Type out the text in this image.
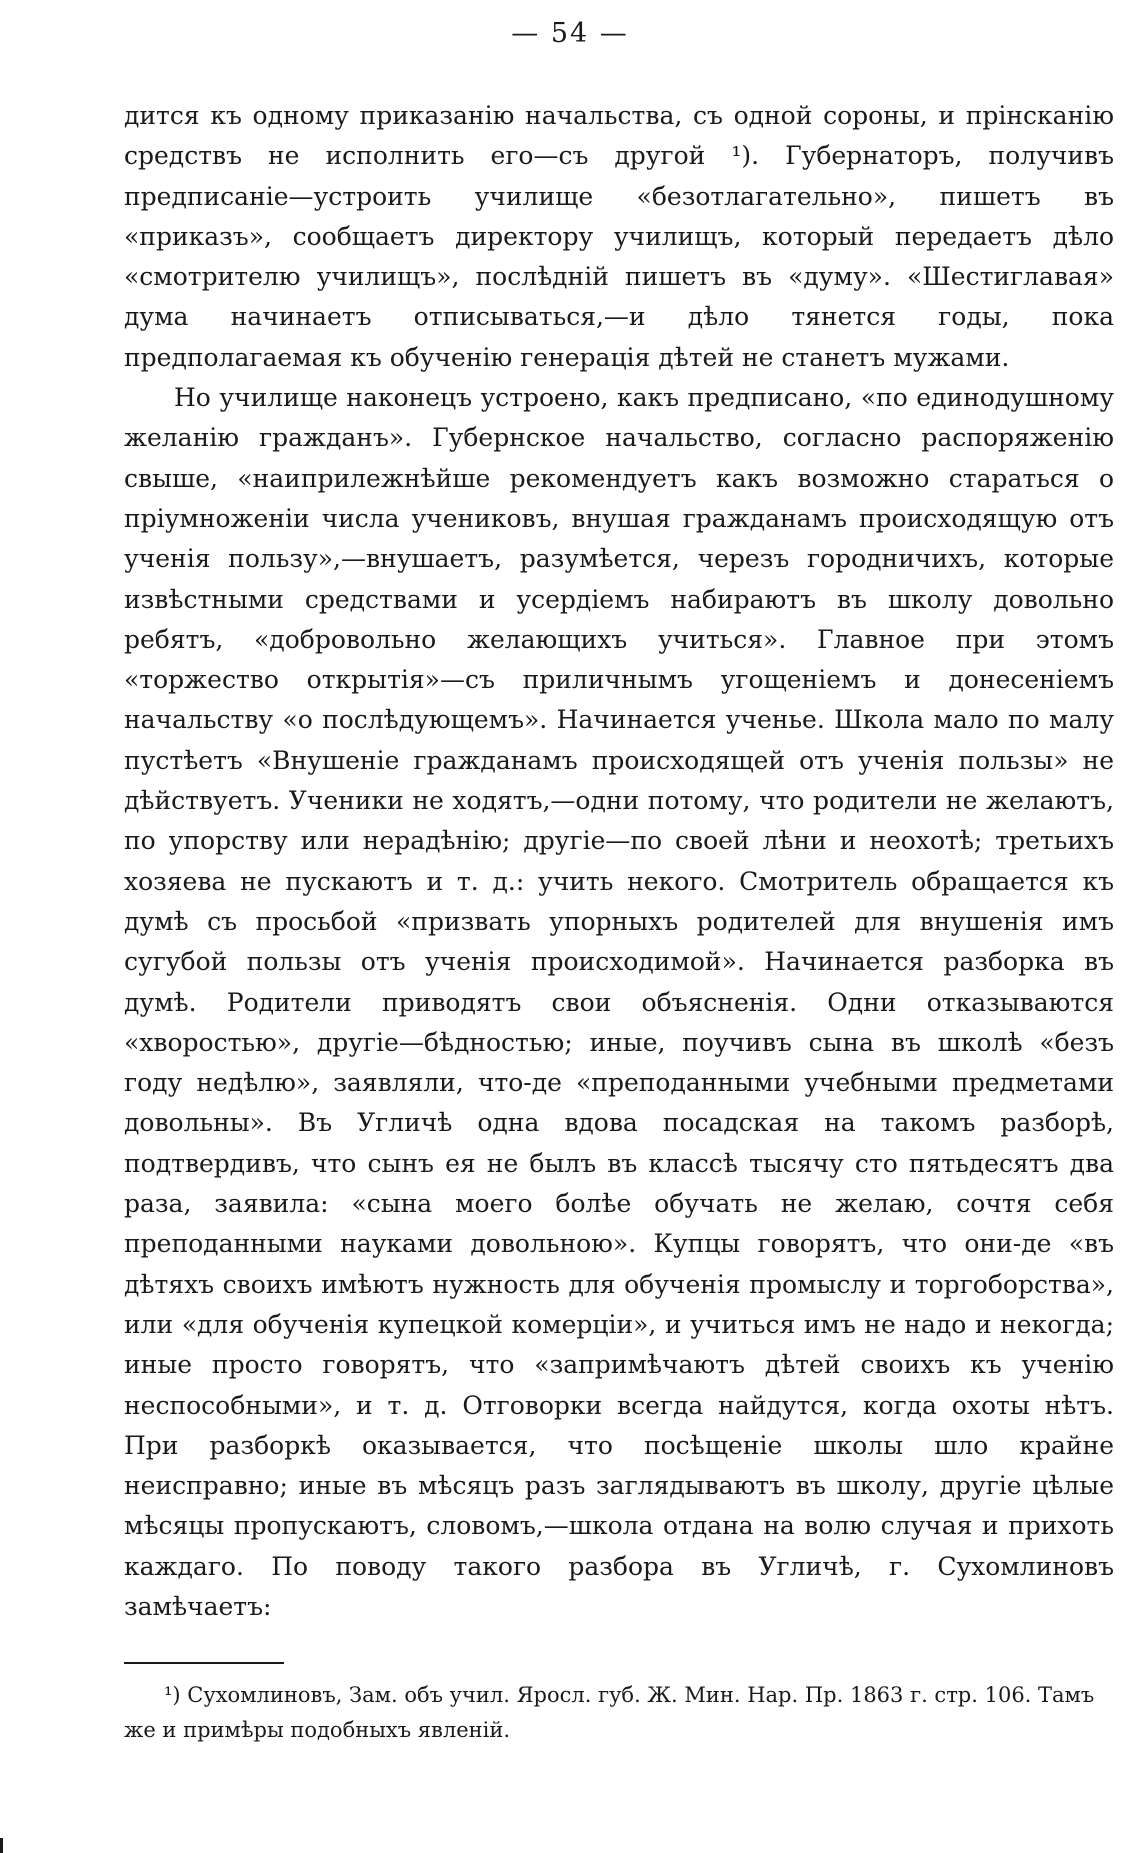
— 54 —

дится къ одному приказанію начальства, съ одной сороны, и прінсканію средствъ не исполнить его—съ другой ¹). Губернаторъ, получивъ предписаніе—устроить училище «безотлагательно», пишетъ въ «приказъ», сообщаетъ директору училищъ, который передаетъ дѣло «смотрителю училищъ», послѣдній пишетъ въ «думу». «Шестиглавая» дума начинаетъ отписываться,—и дѣло тянется годы, пока предполагаемая къ обученію генерація дѣтей не станетъ мужами.

Но училище наконецъ устроено, какъ предписано, «по единодушному желанію гражданъ». Губернское начальство, согласно распоряженію свыше, «наиприлежнѣйше рекомендуетъ какъ возможно стараться о пріумноженіи числа учениковъ, внушая гражданамъ происходящую отъ ученія пользу»,—внушаетъ, разумѣется, черезъ городничихъ, которые извѣстными средствами и усердіемъ набираютъ въ школу довольно ребятъ, «добровольно желающихъ учиться». Главное при этомъ «торжество открытія»—съ приличнымъ угощеніемъ и донесеніемъ начальству «о послѣдующемъ». Начинается ученье. Школа мало по малу пустѣетъ «Внушеніе гражданамъ происходящей отъ ученія пользы» не дѣйствуетъ. Ученики не ходятъ,—одни потому, что родители не желаютъ, по упорству или нерадѣнію; другіе—по своей лѣни и неохотѣ; третьихъ хозяева не пускаютъ и т. д.: учить некого. Смотритель обращается къ думѣ съ просьбой «призвать упорныхъ родителей для внушенія имъ сугубой пользы отъ ученія происходимой». Начинается разборка въ думѣ. Родители приводятъ свои объясненія. Одни отказываются «хворостью», другіе—бѣдностью; иные, поучивъ сына въ школѣ «безъ году недѣлю», заявляли, что-де «преподанными учебными предметами довольны». Въ Угличѣ одна вдова посадская на такомъ разборѣ, подтвердивъ, что сынъ ея не былъ въ классѣ тысячу сто пятьдесятъ два раза, заявила: «сына моего болѣе обучать не желаю, сочтя себя преподанными науками довольною». Купцы говорятъ, что они-де «въ дѣтяхъ своихъ имѣютъ нужность для обученія промыслу и торгоборства», или «для обученія купецкой комерціи», и учиться имъ не надо и некогда; иные просто говорятъ, что «запримѣчаютъ дѣтей своихъ къ ученію неспособными», и т. д. Отговорки всегда найдутся, когда охоты нѣтъ. При разборкѣ оказывается, что посѣщеніе школы шло крайне неисправно; иные въ мѣсяцъ разъ заглядываютъ въ школу, другіе цѣлые мѣсяцы пропускаютъ, словомъ,—школа отдана на волю случая и прихоть каждаго. По поводу такого разбора въ Угличѣ, г. Сухомлиновъ замѣчаетъ:

¹) Сухомлиновъ, Зам. объ учил. Яросл. губ. Ж. Мин. Нар. Пр. 1863 г. стр. 106. Тамъ же и примѣры подобныхъ явленій.
